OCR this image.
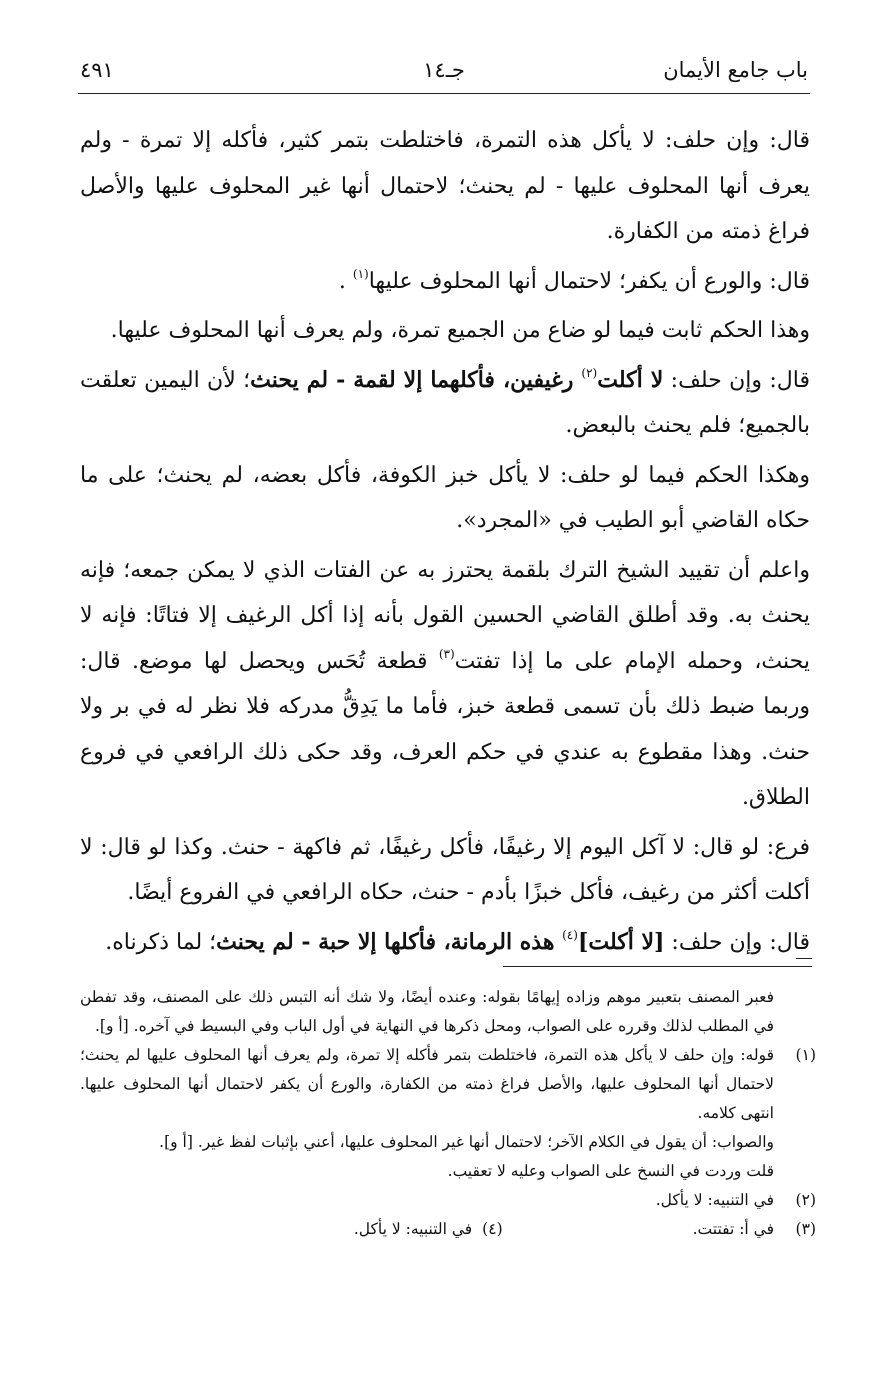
باب جامع الأيمان
جـ١٤
٤٩١

قال: وإن حلف: لا يأكل هذه التمرة، فاختلطت بتمر كثير، فأكله إلا تمرة - ولم يعرف أنها المحلوف عليها - لم يحنث؛ لاحتمال أنها غير المحلوف عليها والأصل فراغ ذمته من الكفارة.

قال: والورع أن يكفر؛ لاحتمال أنها المحلوف عليها$^{(١)}$ .

وهذا الحكم ثابت فيما لو ضاع من الجميع تمرة، ولم يعرف أنها المحلوف عليها.

قال: وإن حلف: لا أكلت$^{(٢)}$ رغيفين، فأكلهما إلا لقمة - لم يحنث؛ لأن اليمين تعلقت بالجميع؛ فلم يحنث بالبعض.

وهكذا الحكم فيما لو حلف: لا يأكل خبز الكوفة، فأكل بعضه، لم يحنث؛ على ما حكاه القاضي أبو الطيب في «المجرد».

واعلم أن تقييد الشيخ الترك بلقمة يحترز به عن الفتات الذي لا يمكن جمعه؛ فإنه يحنث به. وقد أطلق القاضي الحسين القول بأنه إذا أكل الرغيف إلا فتاتًا: فإنه لا يحنث، وحمله الإمام على ما إذا تفتت$^{(٣)}$ قطعة تُحَس ويحصل لها موضع. قال: وربما ضبط ذلك بأن تسمى قطعة خبز، فأما ما يَدِقُّ مدركه فلا نظر له في بر ولا حنث. وهذا مقطوع به عندي في حكم العرف، وقد حكى ذلك الرافعي في فروع الطلاق.

فرع: لو قال: لا آكل اليوم إلا رغيفًا، فأكل رغيفًا، ثم فاكهة - حنث. وكذا لو قال: لا أكلت أكثر من رغيف، فأكل خبزًا بأدم - حنث، حكاه الرافعي في الفروع أيضًا.

قال: وإن حلف: [لا أكلت]$^{(٤)}$ هذه الرمانة، فأكلها إلا حبة - لم يحنث؛ لما ذكرناه.

فعبر المصنف بتعبير موهم وزاده إيهامًا بقوله: وعنده أيضًا، ولا شك أنه التبس ذلك على المصنف، وقد تفطن في المطلب لذلك وقرره على الصواب، ومحل ذكرها في النهاية في أول الباب وفي البسيط في آخره. [أ و].
(١)
قوله: وإن حلف لا يأكل هذه التمرة، فاختلطت بتمر فأكله إلا تمرة، ولم يعرف أنها المحلوف عليها لم يحنث؛ لاحتمال أنها المحلوف عليها، والأصل فراغ ذمته من الكفارة، والورع أن يكفر لاحتمال أنها المحلوف عليها. انتهى كلامه.
والصواب: أن يقول في الكلام الآخر؛ لاحتمال أنها غير المحلوف عليها، أعني بإثبات لفظ غير. [أ و].
قلت وردت في النسخ على الصواب وعليه لا تعقيب.
(٢)
في التنبيه: لا يأكل.
(٣)
في أ: تفتتت.
(٤)
في التنبيه: لا يأكل.
